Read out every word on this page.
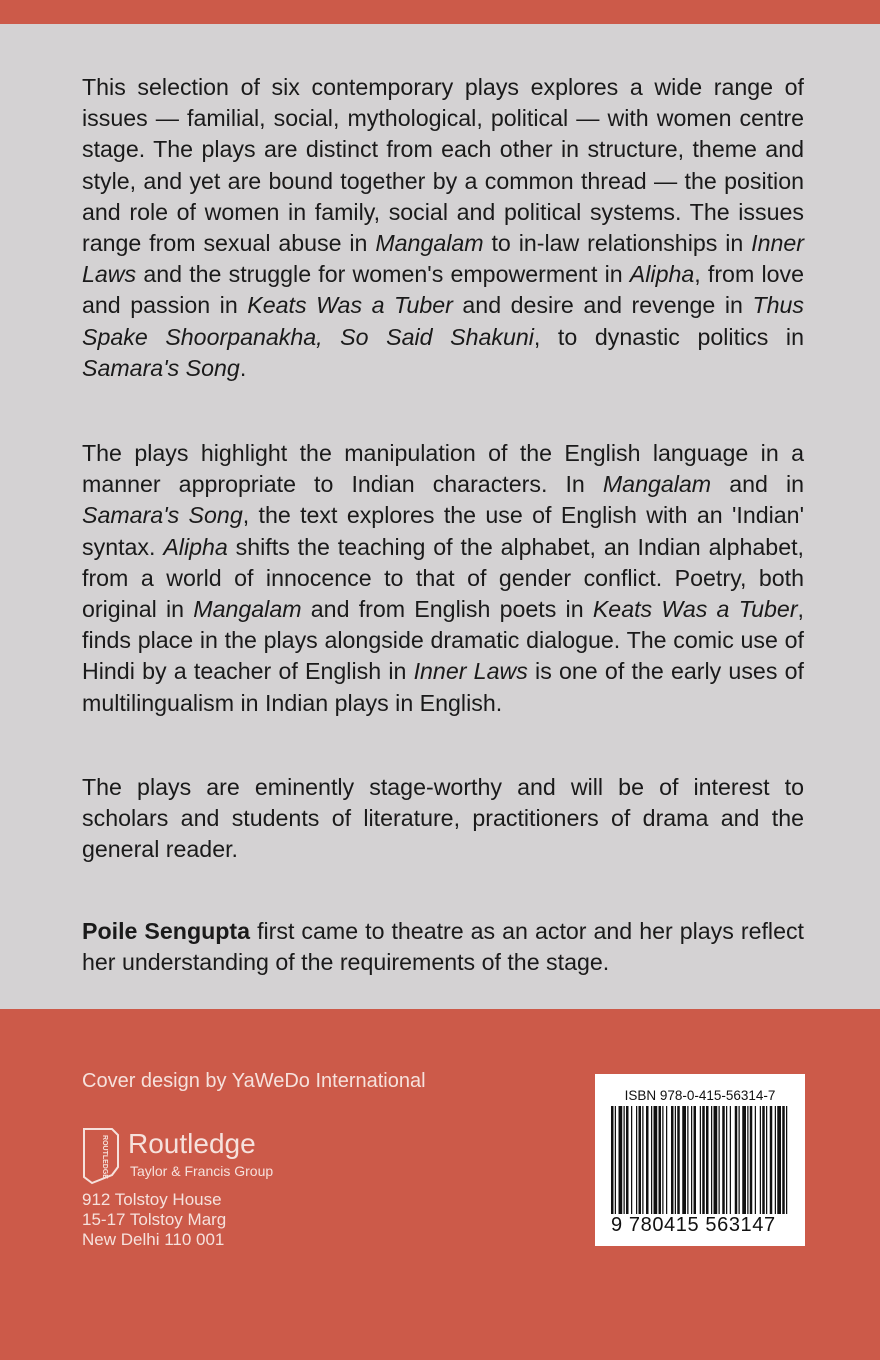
This selection of six contemporary plays explores a wide range of issues — familial, social, mythological, political — with women centre stage. The plays are distinct from each other in structure, theme and style, and yet are bound together by a common thread — the position and role of women in family, social and political systems. The issues range from sexual abuse in Mangalam to in-law relationships in Inner Laws and the struggle for women's empowerment in Alipha, from love and passion in Keats Was a Tuber and desire and revenge in Thus Spake Shoorpanakha, So Said Shakuni, to dynastic politics in Samara's Song.

The plays highlight the manipulation of the English language in a manner appropriate to Indian characters. In Mangalam and in Samara's Song, the text explores the use of English with an 'Indian' syntax. Alipha shifts the teaching of the alphabet, an Indian alphabet, from a world of innocence to that of gender conflict. Poetry, both original in Mangalam and from English poets in Keats Was a Tuber, finds place in the plays alongside dramatic dialogue. The comic use of Hindi by a teacher of English in Inner Laws is one of the early uses of multilingualism in Indian plays in English.

The plays are eminently stage-worthy and will be of interest to scholars and students of literature, practitioners of drama and the general reader.

Poile Sengupta first came to theatre as an actor and her plays reflect her understanding of the requirements of the stage.

Cover design by YaWeDo International
ROUTLEDGE Routledge
Taylor & Francis Group
912 Tolstoy House
15-17 Tolstoy Marg
New Delhi 110 001
ISBN 978-0-415-56314-7
9 780415 563147
